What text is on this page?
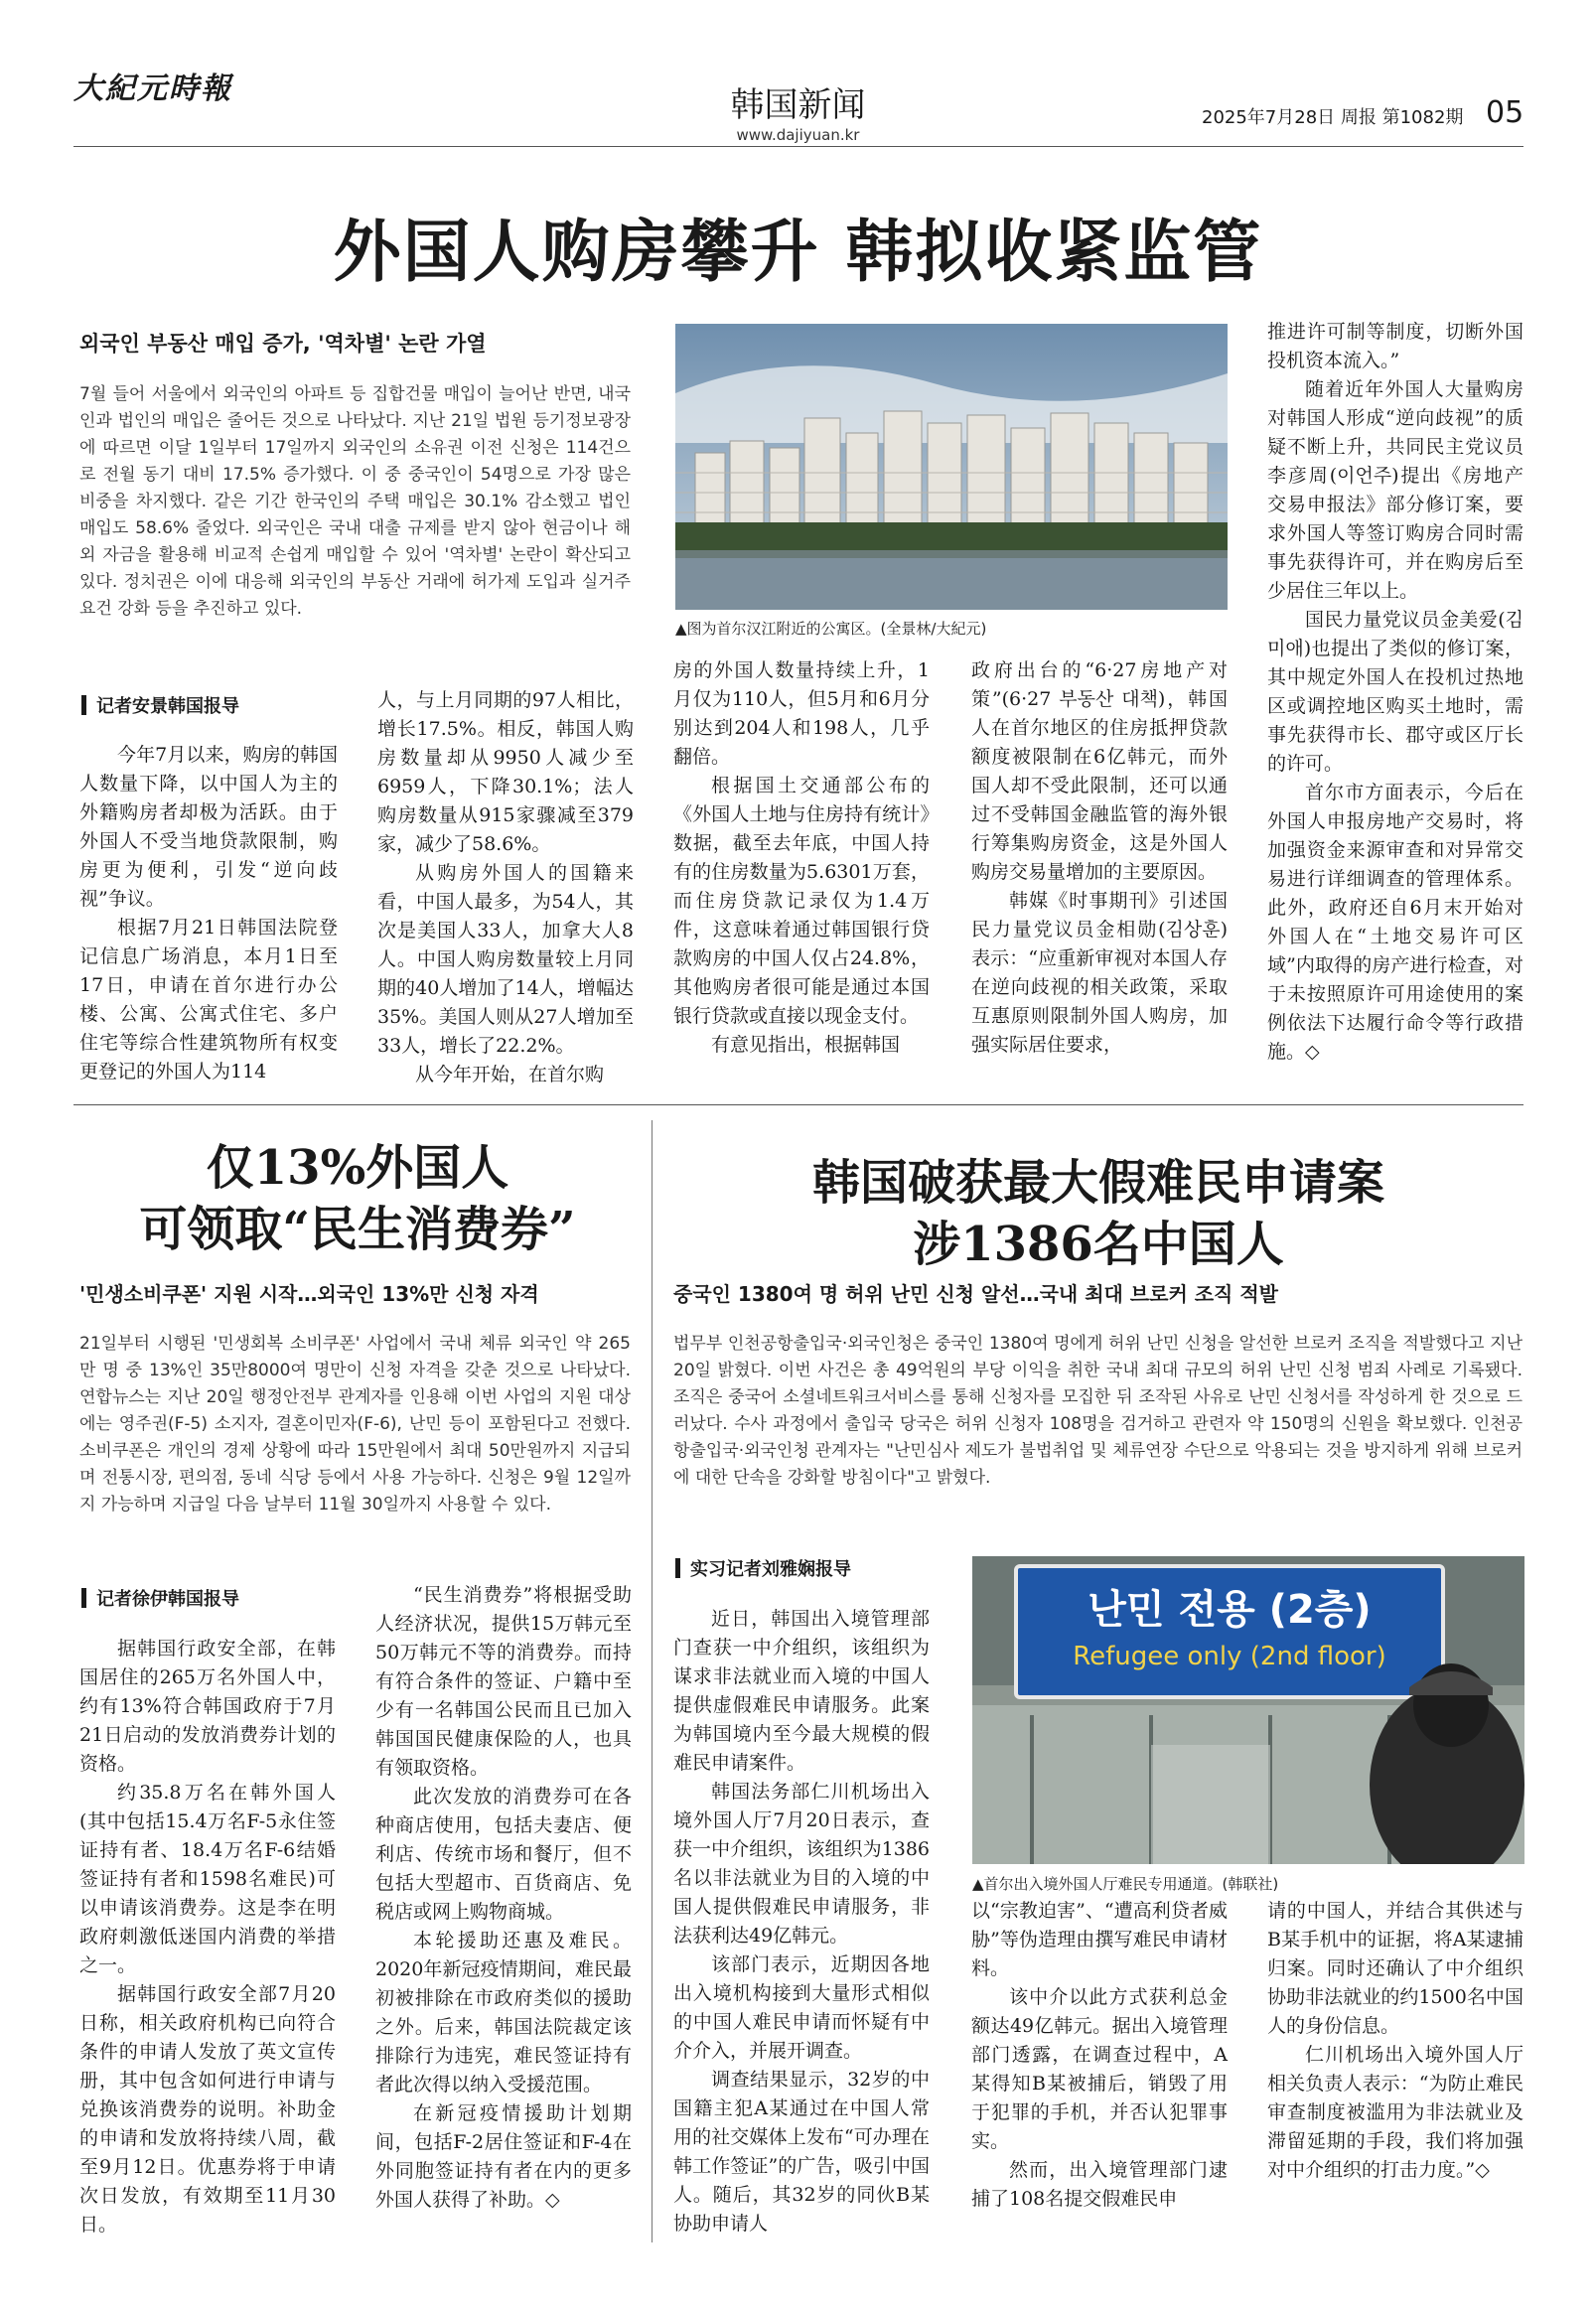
大紀元時報	韩国新闻
www.dajiyuan.kr
2025年7月28日 周报 第1082期 05
外国人购房攀升 韩拟收紧监管
외국인 부동산 매입 증가, '역차별' 논란 가열
7월 들어 서울에서 외국인의 아파트 등 집합건물 매입이 늘어난 반면, 내국인과 법인의 매입은 줄어든 것으로 나타났다. 지난 21일 법원 등기정보광장에 따르면 이달 1일부터 17일까지 외국인의 소유권 이전 신청은 114건으로 전월 동기 대비 17.5% 증가했다. 이 중 중국인이 54명으로 가장 많은 비중을 차지했다. 같은 기간 한국인의 주택 매입은 30.1% 감소했고 법인 매입도 58.6% 줄었다. 외국인은 국내 대출 규제를 받지 않아 현금이나 해외 자금을 활용해 비교적 손쉽게 매입할 수 있어 '역차별' 논란이 확산되고 있다. 정치권은 이에 대응해 외국인의 부동산 거래에 허가제 도입과 실거주 요건 강화 등을 추진하고 있다.
▲图为首尔汉江附近的公寓区。(全景林/大紀元)
记者安景韩国报导

今年7月以来，购房的韩国人数量下降，以中国人为主的外籍购房者却极为活跃。由于外国人不受当地贷款限制，购房更为便利，引发“逆向歧视”争议。

根据7月21日韩国法院登记信息广场消息，本月1日至17日，申请在首尔进行办公楼、公寓、公寓式住宅、多户住宅等综合性建筑物所有权变更登记的外国人为114

人，与上月同期的97人相比，增长17.5%。相反，韩国人购房数量却从9950人减少至6959人，下降30.1%；法人购房数量从915家骤减至379家，减少了58.6%。

从购房外国人的国籍来看，中国人最多，为54人，其次是美国人33人，加拿大人8人。中国人购房数量较上月同期的40人增加了14人，增幅达35%。美国人则从27人增加至33人，增长了22.2%。

从今年开始，在首尔购

房的外国人数量持续上升，1月仅为110人，但5月和6月分别达到204人和198人，几乎翻倍。

根据国土交通部公布的《外国人土地与住房持有统计》数据，截至去年底，中国人持有的住房数量为5.6301万套，而住房贷款记录仅为1.4万件，这意味着通过韩国银行贷款购房的中国人仅占24.8%，其他购房者很可能是通过本国银行贷款或直接以现金支付。

有意见指出，根据韩国

政府出台的“6·27房地产对策”(6·27 부동산 대책)，韩国人在首尔地区的住房抵押贷款额度被限制在6亿韩元，而外国人却不受此限制，还可以通过不受韩国金融监管的海外银行筹集购房资金，这是外国人购房交易量增加的主要原因。

韩媒《时事期刊》引述国民力量党议员金相勋(김상훈)表示：“应重新审视对本国人存在逆向歧视的相关政策，采取互惠原则限制外国人购房，加强实际居住要求，

推进许可制等制度，切断外国投机资本流入。”

随着近年外国人大量购房对韩国人形成“逆向歧视”的质疑不断上升，共同民主党议员李彦周(이언주)提出《房地产交易申报法》部分修订案，要求外国人等签订购房合同时需事先获得许可，并在购房后至少居住三年以上。

国民力量党议员金美爱(김미애)也提出了类似的修订案，其中规定外国人在投机过热地区或调控地区购买土地时，需事先获得市长、郡守或区厅长的许可。

首尔市方面表示，今后在外国人申报房地产交易时，将加强资金来源审查和对异常交易进行详细调查的管理体系。此外，政府还自6月末开始对外国人在“土地交易许可区域”内取得的房产进行检查，对于未按照原许可用途使用的案例依法下达履行命令等行政措施。◇

仅13%外国人
可领取“民生消费券”
'민생소비쿠폰' 지원 시작…외국인 13%만 신청 자격
21일부터 시행된 '민생회복 소비쿠폰' 사업에서 국내 체류 외국인 약 265만 명 중 13%인 35만8000여 명만이 신청 자격을 갖춘 것으로 나타났다. 연합뉴스는 지난 20일 행정안전부 관계자를 인용해 이번 사업의 지원 대상에는 영주권(F-5) 소지자, 결혼이민자(F-6), 난민 등이 포함된다고 전했다. 소비쿠폰은 개인의 경제 상황에 따라 15만원에서 최대 50만원까지 지급되며 전통시장, 편의점, 동네 식당 등에서 사용 가능하다. 신청은 9월 12일까지 가능하며 지급일 다음 날부터 11월 30일까지 사용할 수 있다.
记者徐伊韩国报导

据韩国行政安全部，在韩国居住的265万名外国人中，约有13%符合韩国政府于7月21日启动的发放消费券计划的资格。

约35.8万名在韩外国人(其中包括15.4万名F-5永住签证持有者、18.4万名F-6结婚签证持有者和1598名难民)可以申请该消费券。这是李在明政府刺激低迷国内消费的举措之一。

据韩国行政安全部7月20日称，相关政府机构已向符合条件的申请人发放了英文宣传册，其中包含如何进行申请与兑换该消费券的说明。补助金的申请和发放将持续八周，截至9月12日。优惠券将于申请次日发放，有效期至11月30日。

“民生消费券”将根据受助人经济状况，提供15万韩元至50万韩元不等的消费券。而持有符合条件的签证、户籍中至少有一名韩国公民而且已加入韩国国民健康保险的人，也具有领取资格。

此次发放的消费券可在各种商店使用，包括夫妻店、便利店、传统市场和餐厅，但不包括大型超市、百货商店、免税店或网上购物商城。

本轮援助还惠及难民。2020年新冠疫情期间，难民最初被排除在市政府类似的援助之外。后来，韩国法院裁定该排除行为违宪，难民签证持有者此次得以纳入受援范围。

在新冠疫情援助计划期间，包括F-2居住签证和F-4在外同胞签证持有者在内的更多外国人获得了补助。◇

韩国破获最大假难民申请案
涉1386名中国人
중국인 1380여 명 허위 난민 신청 알선…국내 최대 브로커 조직 적발
법무부 인천공항출입국·외국인청은 중국인 1380여 명에게 허위 난민 신청을 알선한 브로커 조직을 적발했다고 지난 20일 밝혔다. 이번 사건은 총 49억원의 부당 이익을 취한 국내 최대 규모의 허위 난민 신청 범죄 사례로 기록됐다. 조직은 중국어 소셜네트워크서비스를 통해 신청자를 모집한 뒤 조작된 사유로 난민 신청서를 작성하게 한 것으로 드러났다. 수사 과정에서 출입국 당국은 허위 신청자 108명을 검거하고 관련자 약 150명의 신원을 확보했다. 인천공항출입국·외국인청 관계자는 "난민심사 제도가 불법취업 및 체류연장 수단으로 악용되는 것을 방지하게 위해 브로커에 대한 단속을 강화할 방침이다"고 밝혔다.
实习记者刘雅娴报导
난민 전용 (2층)
Refugee only (2nd floor)
▲首尔出入境外国人厅难民专用通道。(韩联社)

近日，韩国出入境管理部门查获一中介组织，该组织为谋求非法就业而入境的中国人提供虚假难民申请服务。此案为韩国境内至今最大规模的假难民申请案件。

韩国法务部仁川机场出入境外国人厅7月20日表示，查获一中介组织，该组织为1386名以非法就业为目的入境的中国人提供假难民申请服务，非法获利达49亿韩元。

该部门表示，近期因各地出入境机构接到大量形式相似的中国人难民申请而怀疑有中介介入，并展开调查。

调查结果显示，32岁的中国籍主犯A某通过在中国人常用的社交媒体上发布“可办理在韩工作签证”的广告，吸引中国人。随后，其32岁的同伙B某协助申请人

以“宗教迫害”、“遭高利贷者威胁”等伪造理由撰写难民申请材料。

该中介以此方式获利总金额达49亿韩元。据出入境管理部门透露，在调查过程中，A某得知B某被捕后，销毁了用于犯罪的手机，并否认犯罪事实。

然而，出入境管理部门逮捕了108名提交假难民申

请的中国人，并结合其供述与B某手机中的证据，将A某逮捕归案。同时还确认了中介组织协助非法就业的约1500名中国人的身份信息。

仁川机场出入境外国人厅相关负责人表示：“为防止难民审查制度被滥用为非法就业及滞留延期的手段，我们将加强对中介组织的打击力度。”◇
